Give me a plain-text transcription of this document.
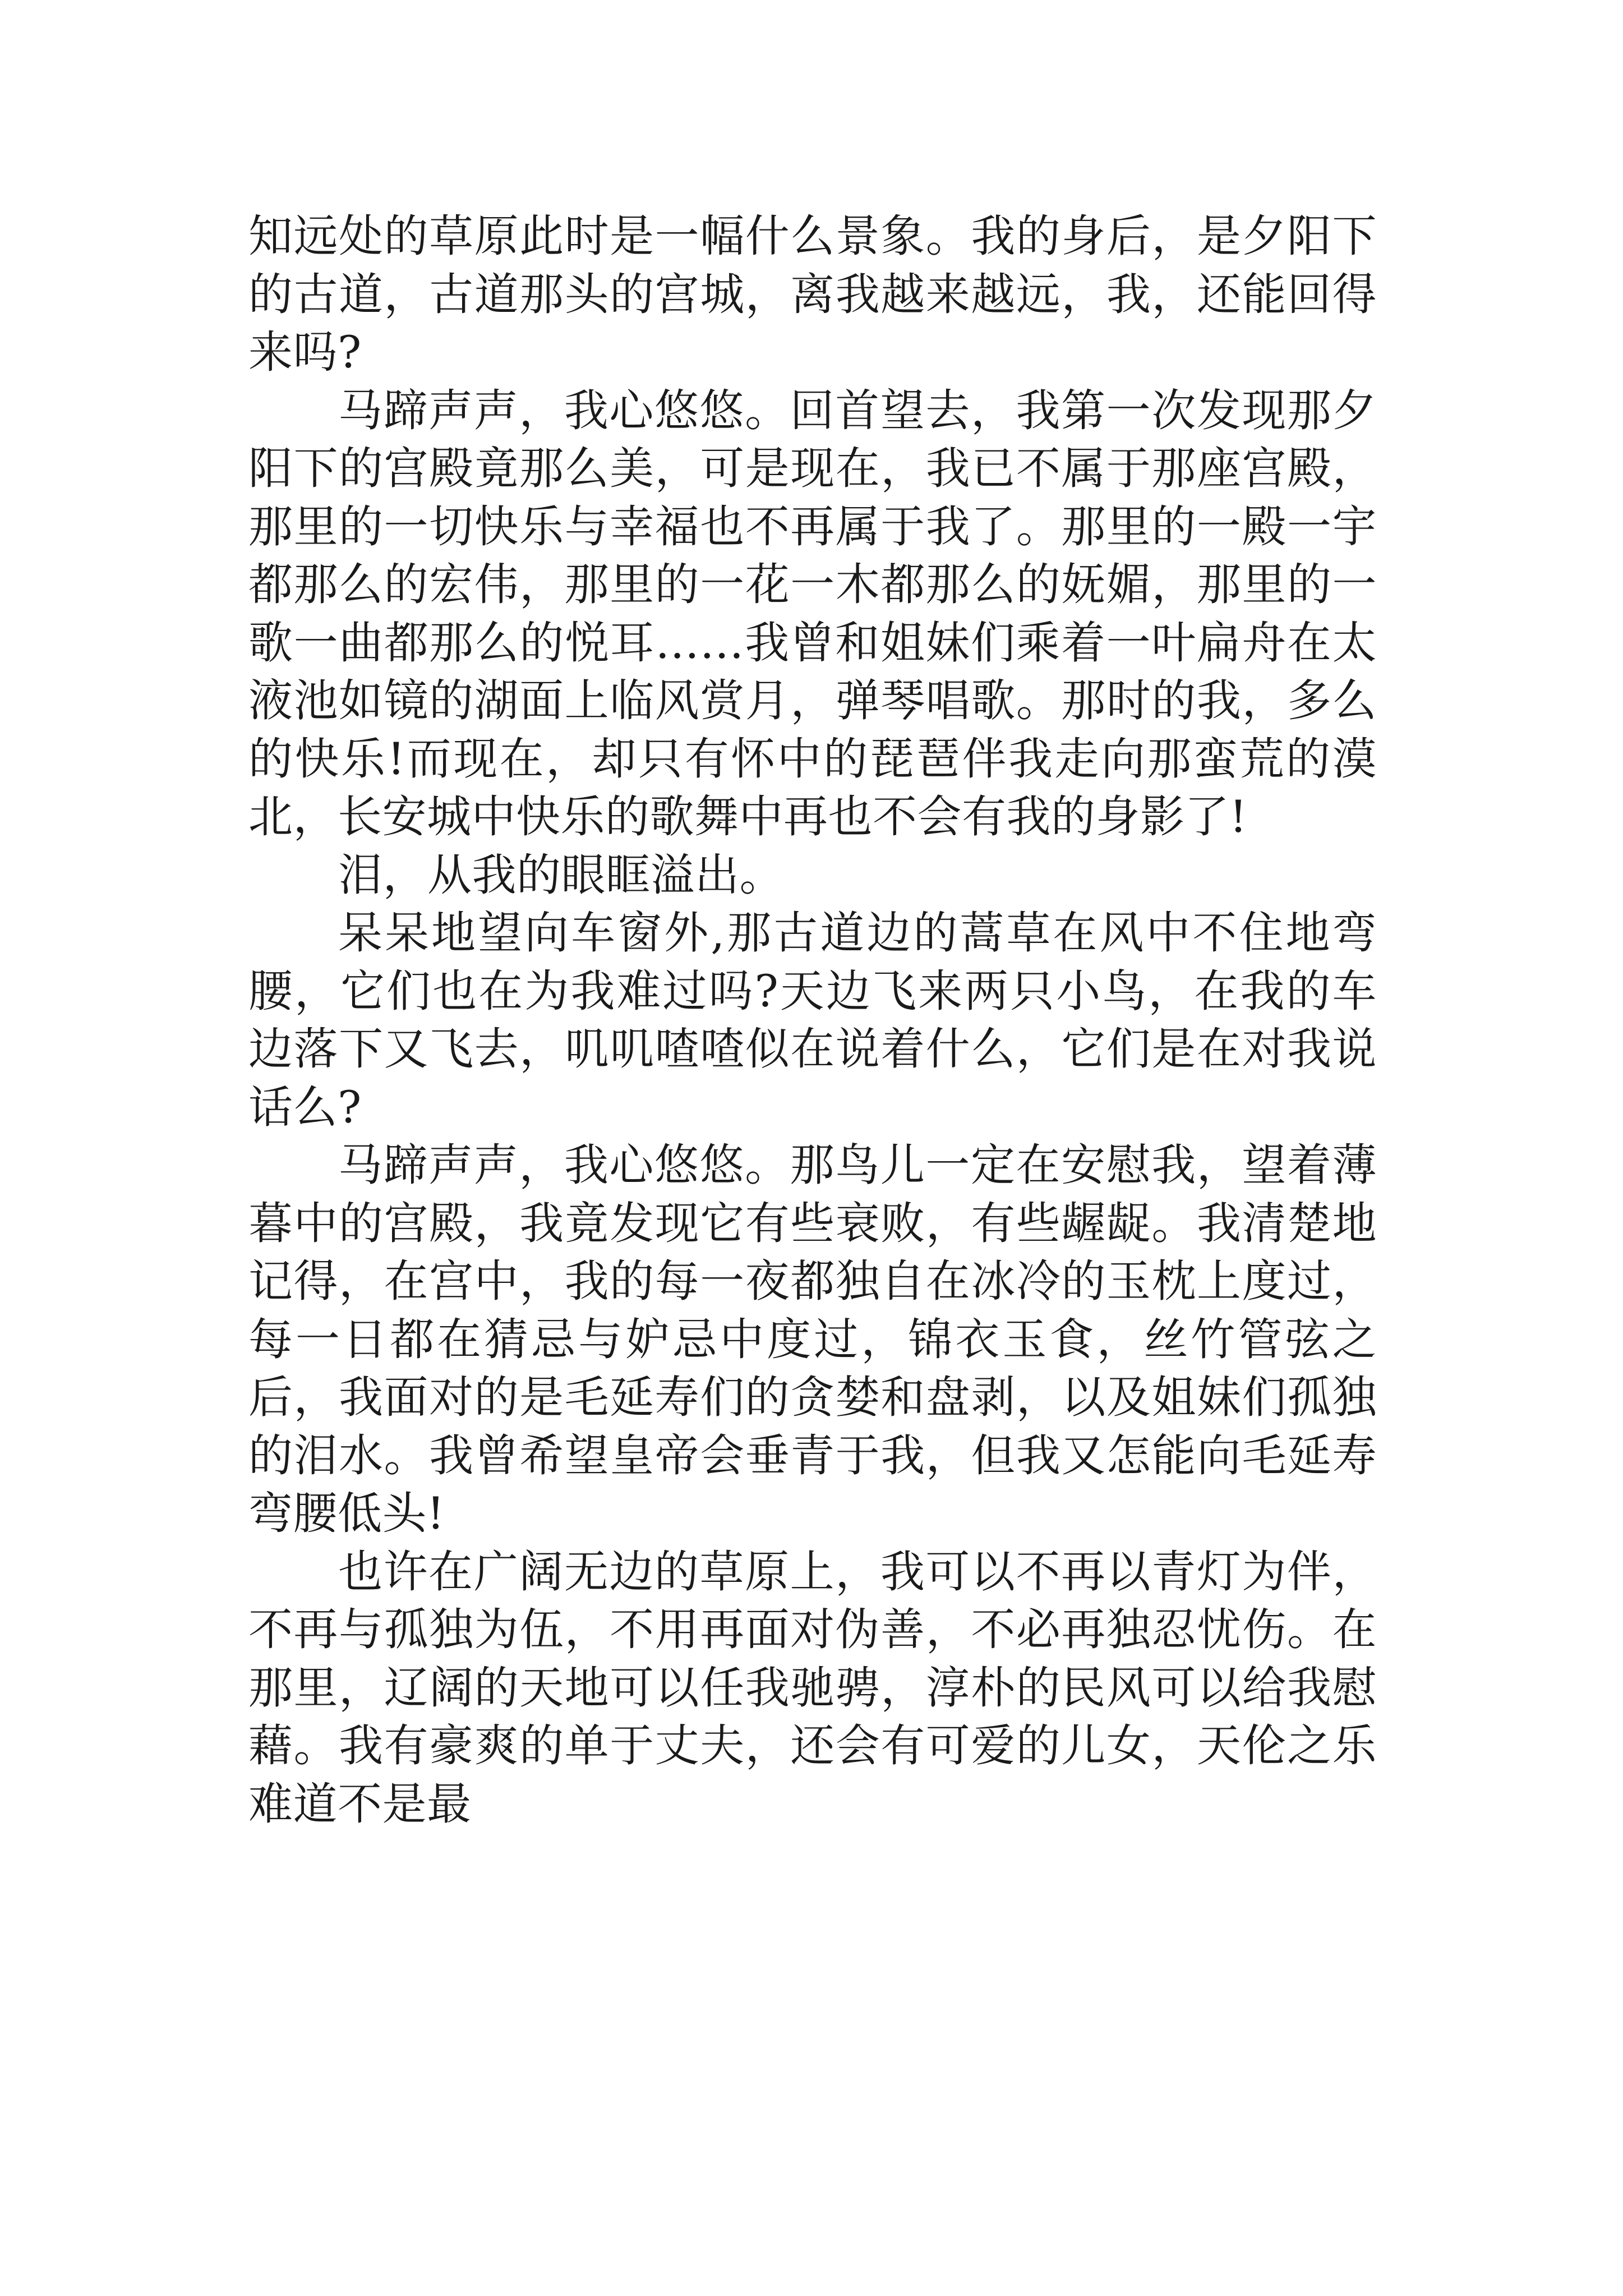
知远处的草原此时是一幅什么景象。我的身后，是夕阳下的古道，古道那头的宫城，离我越来越远，我，还能回得来吗?

马蹄声声，我心悠悠。回首望去，我第一次发现那夕阳下的宫殿竟那么美，可是现在，我已不属于那座宫殿，那里的一切快乐与幸福也不再属于我了。那里的一殿一宇都那么的宏伟，那里的一花一木都那么的妩媚，那里的一歌一曲都那么的悦耳……我曾和姐妹们乘着一叶扁舟在太液池如镜的湖面上临风赏月，弹琴唱歌。那时的我，多么的快乐!而现在，却只有怀中的琵琶伴我走向那蛮荒的漠北，长安城中快乐的歌舞中再也不会有我的身影了!

泪，从我的眼眶溢出。

呆呆地望向车窗外,那古道边的蒿草在风中不住地弯腰，它们也在为我难过吗?天边飞来两只小鸟，在我的车边落下又飞去，叽叽喳喳似在说着什么，它们是在对我说话么?

马蹄声声，我心悠悠。那鸟儿一定在安慰我，望着薄暮中的宫殿，我竟发现它有些衰败，有些龌龊。我清楚地记得，在宫中，我的每一夜都独自在冰冷的玉枕上度过，每一日都在猜忌与妒忌中度过，锦衣玉食，丝竹管弦之后，我面对的是毛延寿们的贪婪和盘剥，以及姐妹们孤独的泪水。我曾希望皇帝会垂青于我，但我又怎能向毛延寿弯腰低头!

也许在广阔无边的草原上，我可以不再以青灯为伴，不再与孤独为伍，不用再面对伪善，不必再独忍忧伤。在那里，辽阔的天地可以任我驰骋，淳朴的民风可以给我慰藉。我有豪爽的单于丈夫，还会有可爱的儿女，天伦之乐难道不是最
